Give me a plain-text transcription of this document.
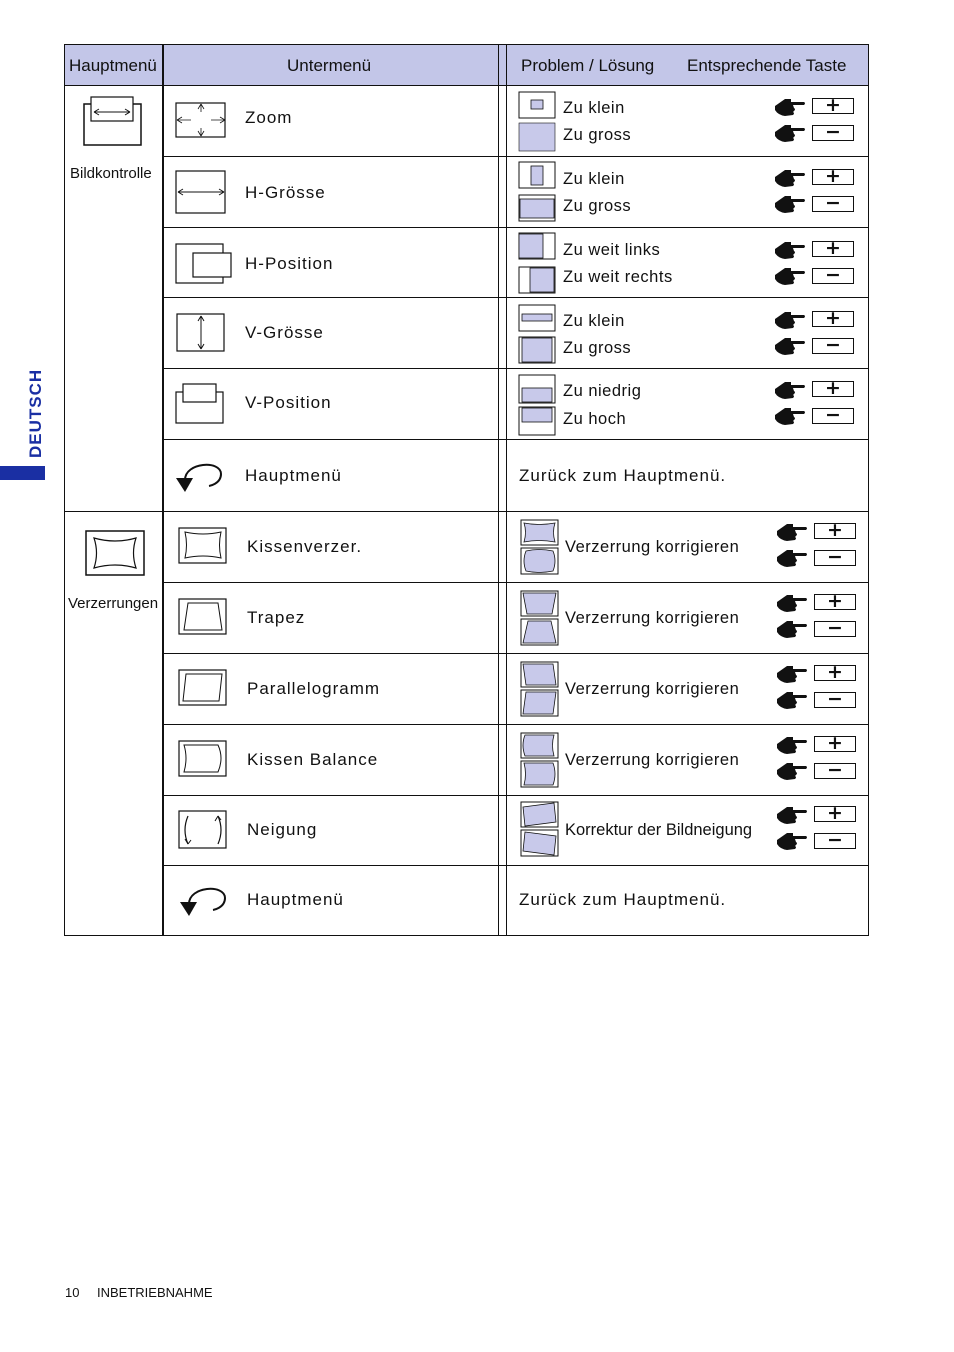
Hauptmenü	Untermenü	Problem / Lösung Entsprechende Taste
Bildkontrolle
Verzerrungen
Zoom
H-Grösse
H-Position
V-Grösse
V-Position
Hauptmenü
Kissenverzer.
Trapez
Parallelogramm
Kissen Balance
Neigung
Hauptmenü
Zu klein
Zu gross
Zu klein
Zu gross
Zu weit links
Zu weit rechts
Zu klein
Zu gross
Zu niedrig
Zu hoch
Zurück zum Hauptmenü.
Verzerrung korrigieren
Verzerrung korrigieren
Verzerrung korrigieren
Verzerrung korrigieren
Korrektur der Bildneigung
Zurück zum Hauptmenü.
+
−
+
−
+
−
+
−
+
−
+
−
+
−
+
−
+
−
+
−
DEUTSCH
10 INBETRIEBNAHME
